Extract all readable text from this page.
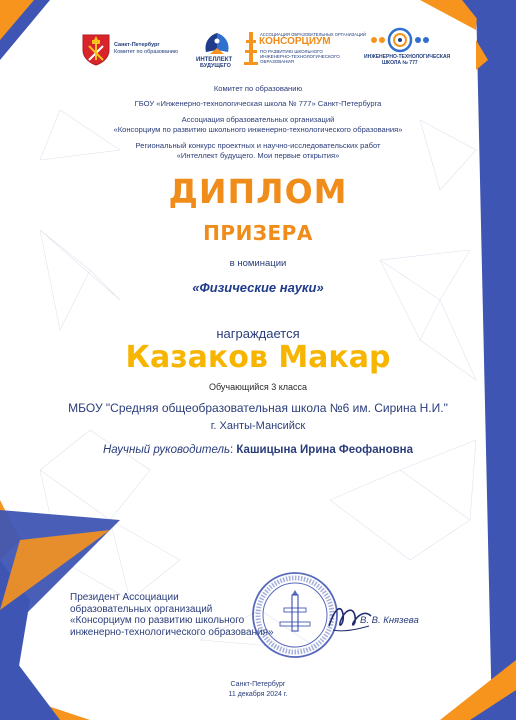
Санкт-Петербург
Комитет по образованию
ИНТЕЛЛЕКТ
БУДУЩЕГО
АССОЦИАЦИЯ ОБРАЗОВАТЕЛЬНЫХ ОРГАНИЗАЦИЙ
КОНСОРЦИУМ
ПО РАЗВИТИЮ ШКОЛЬНОГО
ИНЖЕНЕРНО-ТЕХНОЛОГИЧЕСКОГО
ОБРАЗОВАНИЯ
ИНЖЕНЕРНО-ТЕХНОЛОГИЧЕСКАЯ
ШКОЛА № 777
Комитет по образованию
ГБОУ «Инженерно-технологическая школа № 777» Санкт-Петербурга
Ассоциация образовательных организаций
«Консорциум по развитию школьного инженерно-технологического образования»
Региональный конкурс проектных и научно-исследовательских работ
«Интеллект будущего. Мои первые открытия»
ДИПЛОМ
ПРИЗЕРА
в номинации
«Физические науки»
награждается
Казаков Макар
Обучающийся 3 класса
МБОУ "Средняя общеобразовательная школа №6 им. Сирина Н.И."
г. Ханты-Мансийск
Научный руководитель: Кашицына Ирина Феофановна
Президент Ассоциации
образовательных организаций
«Консорциум по развитию школьного
инженерно-технологического образования»
В. В. Князева
Санкт-Петербург
11 декабря 2024 г.
